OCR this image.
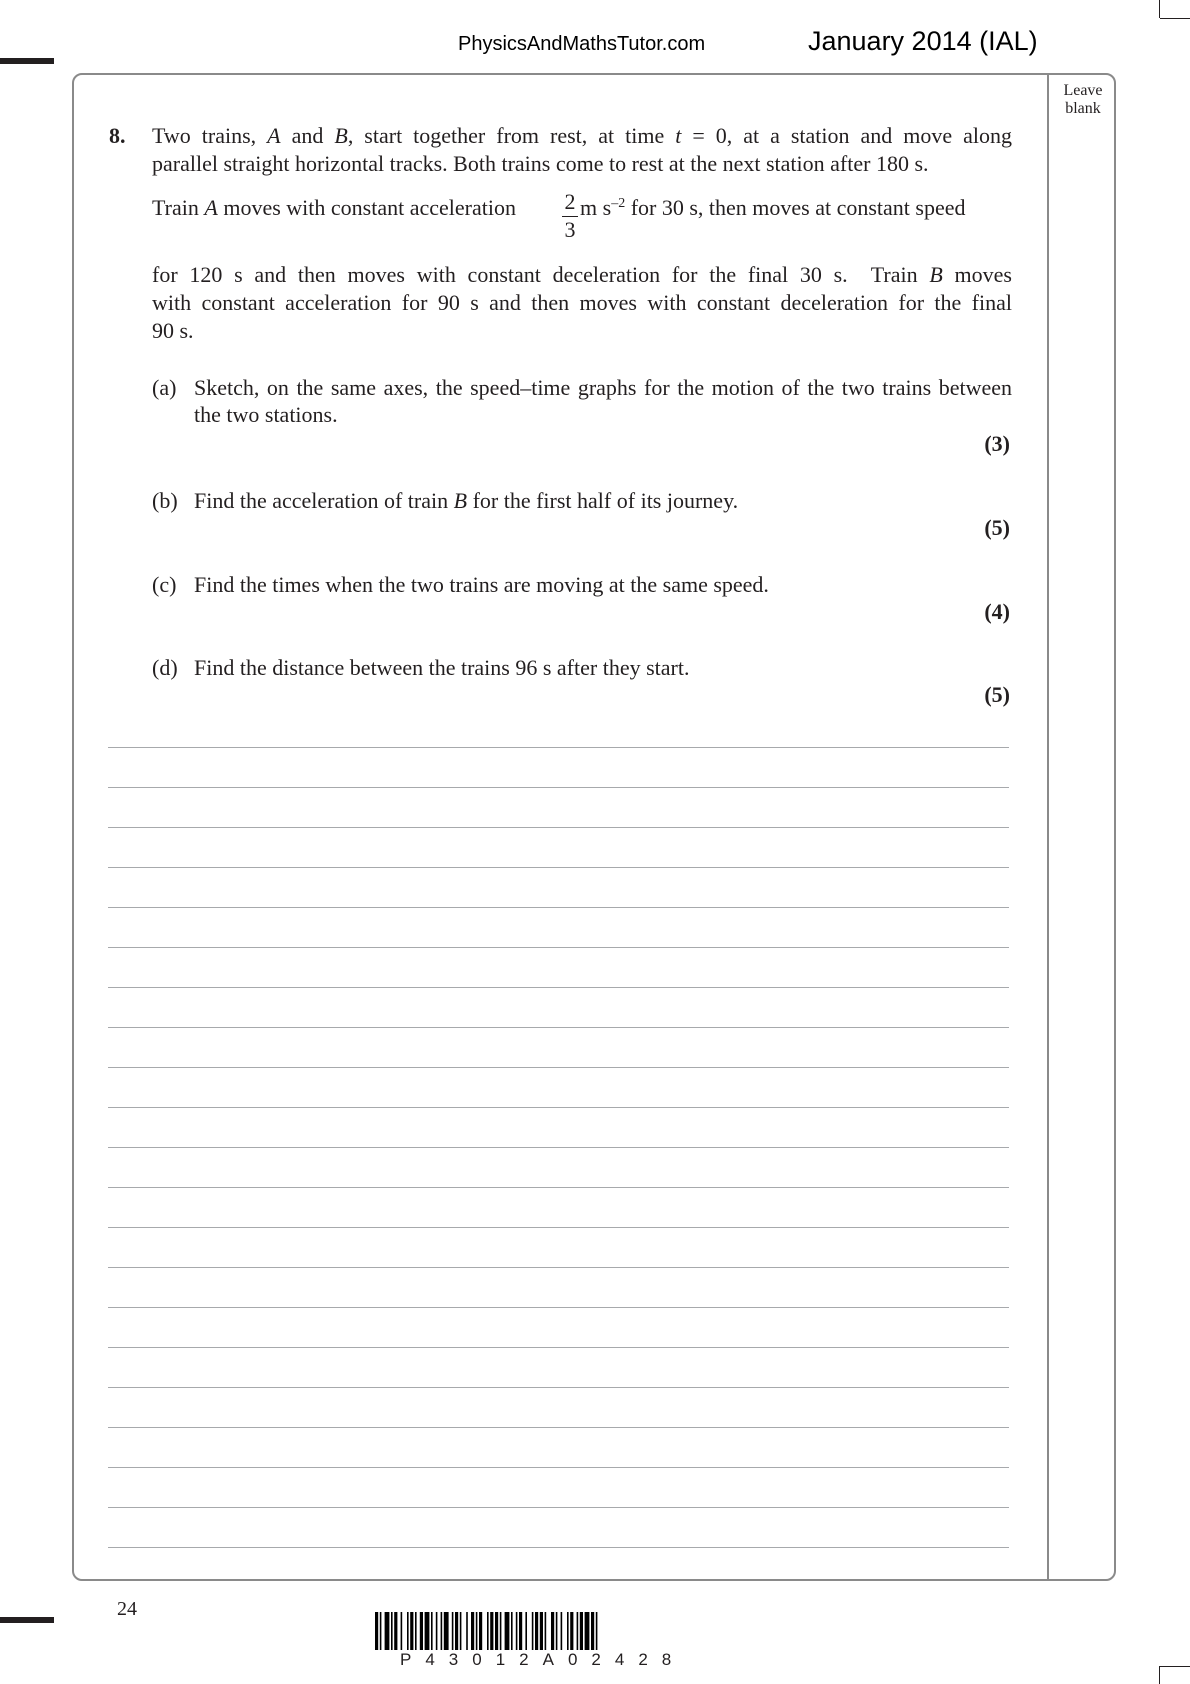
PhysicsAndMathsTutor.com	January 2014 (IAL)
Leave blank
8. Two trains, A and B, start together from rest, at time t = 0, at a station and move along
parallel straight horizontal tracks. Both trains come to rest at the next station after 180 s.
Train A moves with constant acceleration	m $s^{-2}$ for 30 s, then moves at constant speed
2
3
for 120 s and then moves with constant deceleration for the final 30 s.  Train B moves
with constant acceleration for 90 s and then moves with constant deceleration for the final
90 s.
(a) Sketch, on the same axes, the speed–time graphs for the motion of the two trains between the two stations.
(3)
(b) Find the acceleration of train B for the first half of its journey.
(5)
(c) Find the times when the two trains are moving at the same speed.
(4)
(d) Find the distance between the trains 96 s after they start.
(5)
24
P43012A02428
